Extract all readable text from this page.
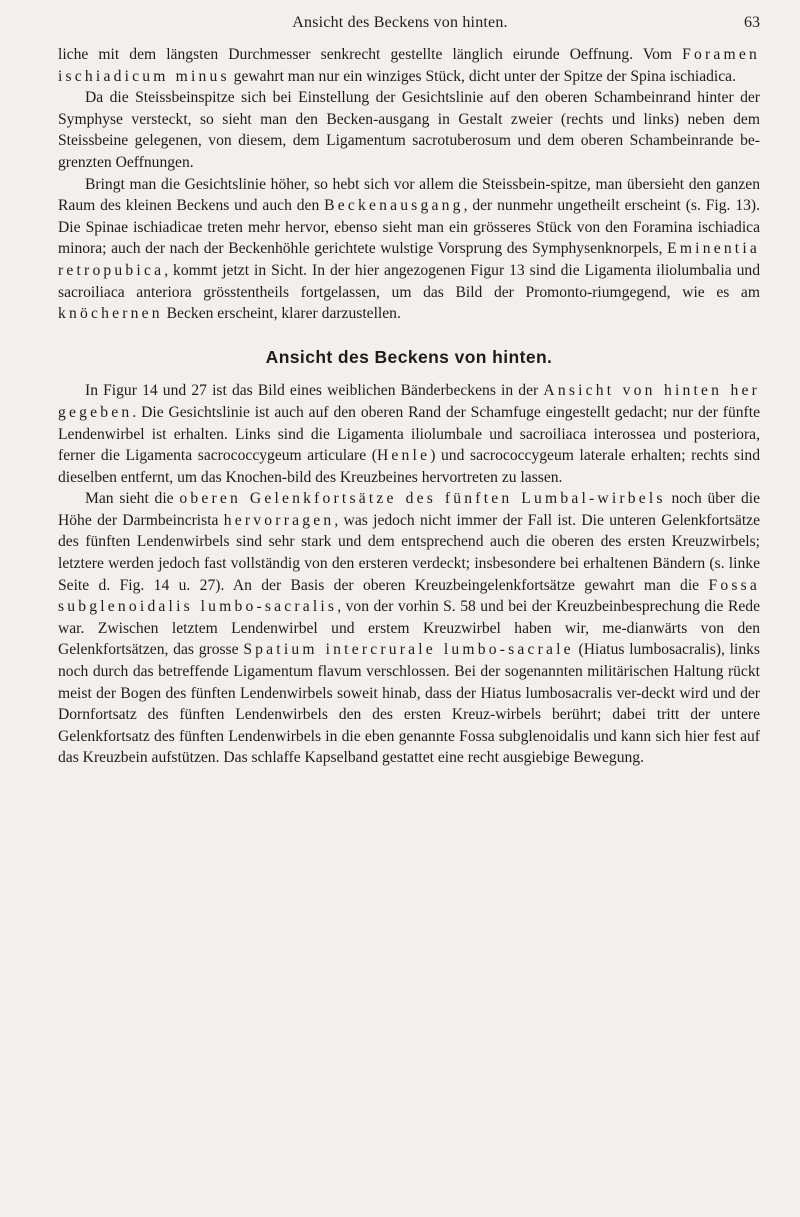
Ansicht des Beckens von hinten.	63

liche mit dem längsten Durchmesser senkrecht gestellte länglich eirunde Oeffnung. Vom Foramen ischiadicum minus gewahrt man nur ein winziges Stück, dicht unter der Spitze der Spina ischiadica.

Da die Steissbeinspitze sich bei Einstellung der Gesichtslinie auf den oberen Schambeinrand hinter der Symphyse versteckt, so sieht man den Becken-ausgang in Gestalt zweier (rechts und links) neben dem Steissbeine gelegenen, von diesem, dem Ligamentum sacrotuberosum und dem oberen Schambeinrande be-grenzten Oeffnungen.

Bringt man die Gesichtslinie höher, so hebt sich vor allem die Steissbein-spitze, man übersieht den ganzen Raum des kleinen Beckens und auch den Beckenausgang, der nunmehr ungetheilt erscheint (s. Fig. 13). Die Spinae ischiadicae treten mehr hervor, ebenso sieht man ein grösseres Stück von den Foramina ischiadica minora; auch der nach der Beckenhöhle gerichtete wulstige Vorsprung des Symphysenknorpels, Eminentia retropubica, kommt jetzt in Sicht. In der hier angezogenen Figur 13 sind die Ligamenta iliolumbalia und sacroiliaca anteriora grösstentheils fortgelassen, um das Bild der Promonto-riumgegend, wie es am knöchernen Becken erscheint, klarer darzustellen.

Ansicht des Beckens von hinten.

In Figur 14 und 27 ist das Bild eines weiblichen Bänderbeckens in der Ansicht von hinten her gegeben. Die Gesichtslinie ist auch auf den oberen Rand der Schamfuge eingestellt gedacht; nur der fünfte Lendenwirbel ist erhalten. Links sind die Ligamenta iliolumbale und sacroiliaca interossea und posteriora, ferner die Ligamenta sacrococcygeum articulare (Henle) und sacrococcygeum laterale erhalten; rechts sind dieselben entfernt, um das Knochen-bild des Kreuzbeines hervortreten zu lassen.

Man sieht die oberen Gelenkfortsätze des fünften Lumbal-wirbels noch über die Höhe der Darmbeincrista hervorragen, was jedoch nicht immer der Fall ist. Die unteren Gelenkfortsätze des fünften Lendenwirbels sind sehr stark und dem entsprechend auch die oberen des ersten Kreuzwirbels; letztere werden jedoch fast vollständig von den ersteren verdeckt; insbesondere bei erhaltenen Bändern (s. linke Seite d. Fig. 14 u. 27). An der Basis der oberen Kreuzbeingelenkfortsätze gewahrt man die Fossa subglenoidalis lumbo-sacralis, von der vorhin S. 58 und bei der Kreuzbeinbesprechung die Rede war. Zwischen letztem Lendenwirbel und erstem Kreuzwirbel haben wir, me-dianwärts von den Gelenkfortsätzen, das grosse Spatium intercrurale lumbo-sacrale (Hiatus lumbosacralis), links noch durch das betreffende Ligamentum flavum verschlossen. Bei der sogenannten militärischen Haltung rückt meist der Bogen des fünften Lendenwirbels soweit hinab, dass der Hiatus lumbosacralis ver-deckt wird und der Dornfortsatz des fünften Lendenwirbels den des ersten Kreuz-wirbels berührt; dabei tritt der untere Gelenkfortsatz des fünften Lendenwirbels in die eben genannte Fossa subglenoidalis und kann sich hier fest auf das Kreuzbein aufstützen. Das schlaffe Kapselband gestattet eine recht ausgiebige Bewegung.
